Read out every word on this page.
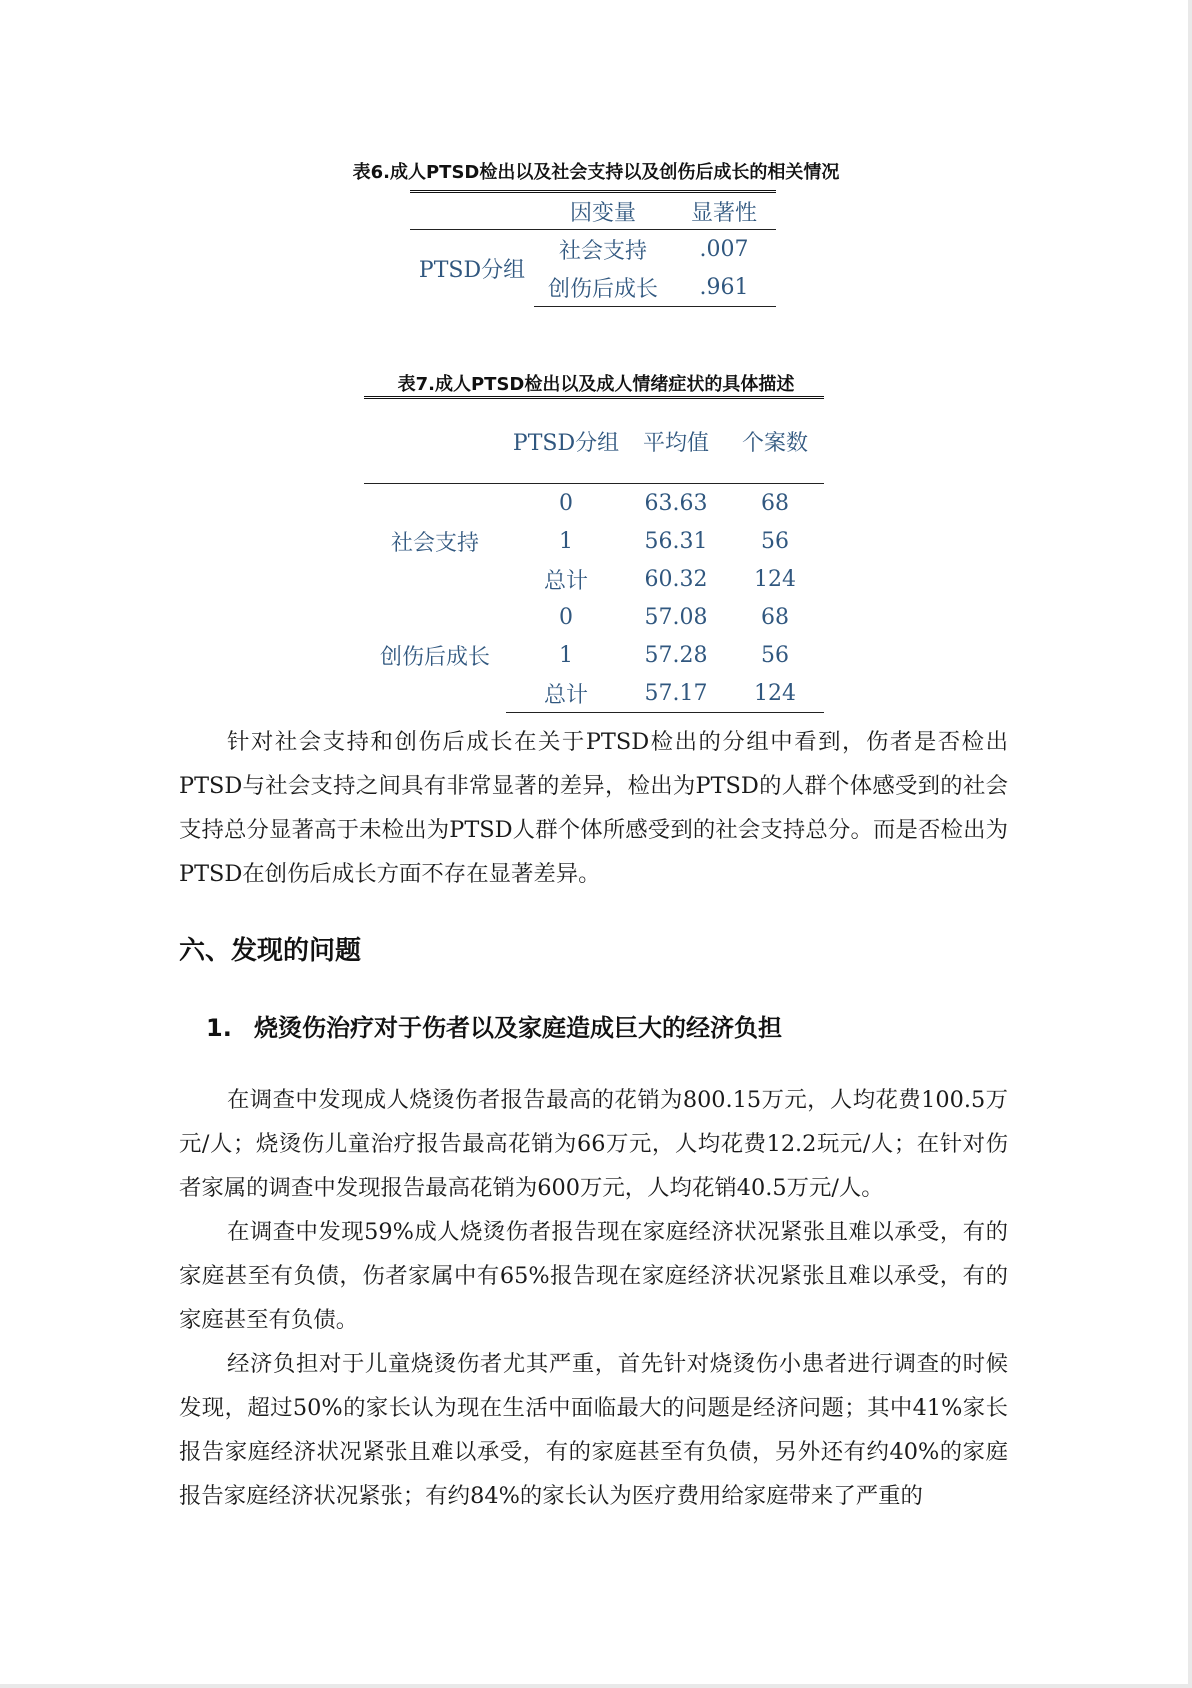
表6.成人PTSD检出以及社会支持以及创伤后成长的相关情况
	因变量	显著性
PTSD分组	社会支持	.007
	创伤后成长	.961
表7.成人PTSD检出以及成人情绪症状的具体描述
	PTSD分组	平均值	个案数
社会支持	0	63.63	68
	1	56.31	56
	总计	60.32	124
创伤后成长	0	57.08	68
	1	57.28	56
	总计	57.17	124

针对社会支持和创伤后成长在关于PTSD检出的分组中看到，伤者是否检出PTSD与社会支持之间具有非常显著的差异，检出为PTSD的人群个体感受到的社会支持总分显著高于未检出为PTSD人群个体所感受到的社会支持总分。而是否检出为PTSD在创伤后成长方面不存在显著差异。

六、发现的问题
1. 烧烫伤治疗对于伤者以及家庭造成巨大的经济负担

在调查中发现成人烧烫伤者报告最高的花销为800.15万元，人均花费100.5万元/人；烧烫伤儿童治疗报告最高花销为66万元，人均花费12.2玩元/人；在针对伤者家属的调查中发现报告最高花销为600万元，人均花销40.5万元/人。

在调查中发现59%成人烧烫伤者报告现在家庭经济状况紧张且难以承受，有的家庭甚至有负债，伤者家属中有65%报告现在家庭经济状况紧张且难以承受，有的家庭甚至有负债。

经济负担对于儿童烧烫伤者尤其严重，首先针对烧烫伤小患者进行调查的时候发现，超过50%的家长认为现在生活中面临最大的问题是经济问题；其中41%家长报告家庭经济状况紧张且难以承受，有的家庭甚至有负债，另外还有约40%的家庭报告家庭经济状况紧张；有约84%的家长认为医疗费用给家庭带来了严重的
